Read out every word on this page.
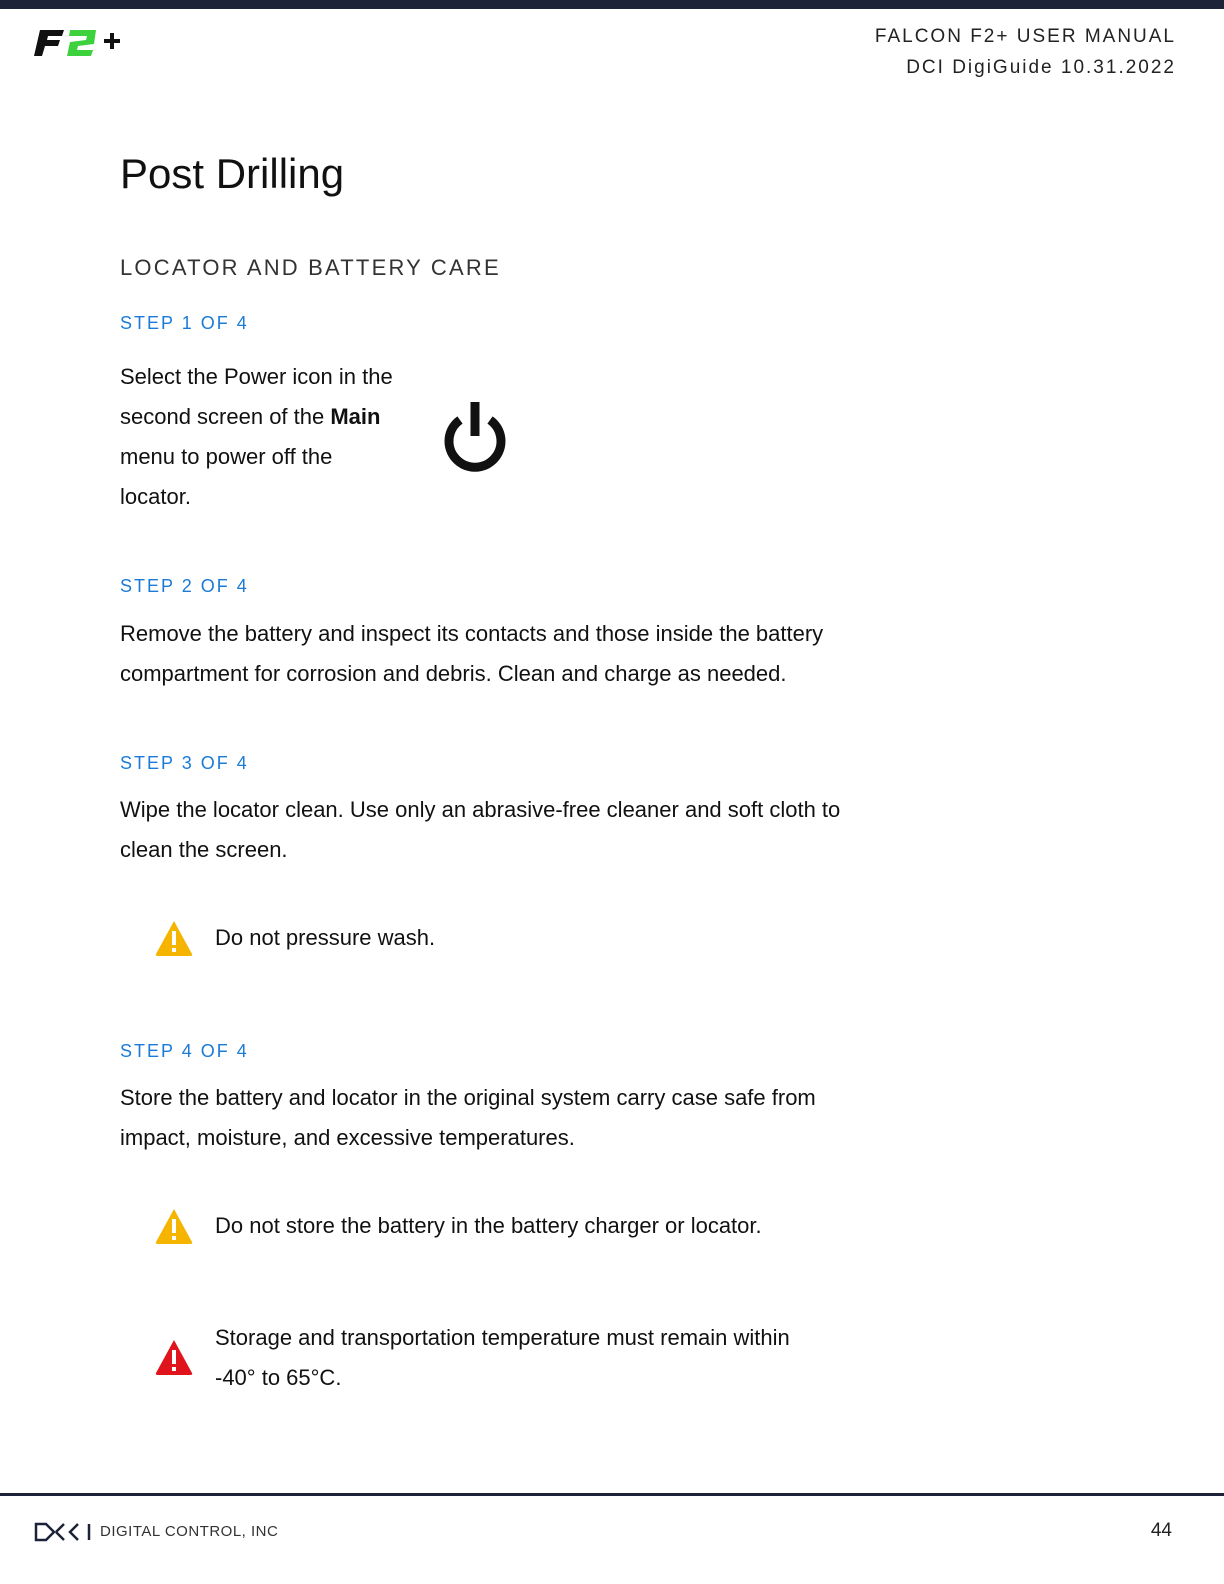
FALCON F2+ USER MANUAL
DCI DigiGuide 10.31.2022
Post Drilling
LOCATOR AND BATTERY CARE
STEP 1 OF 4

Select the Power icon in the
second screen of the Main
menu to power off the
locator.

STEP 2 OF 4

Remove the battery and inspect its contacts and those inside the battery
compartment for corrosion and debris. Clean and charge as needed.

STEP 3 OF 4

Wipe the locator clean. Use only an abrasive-free cleaner and soft cloth to
clean the screen.

Do not pressure wash.
STEP 4 OF 4

Store the battery and locator in the original system carry case safe from
impact, moisture, and excessive temperatures.

Do not store the battery in the battery charger or locator.

Storage and transportation temperature must remain within
-40° to 65°C.

DIGITAL CONTROL, INC	44
